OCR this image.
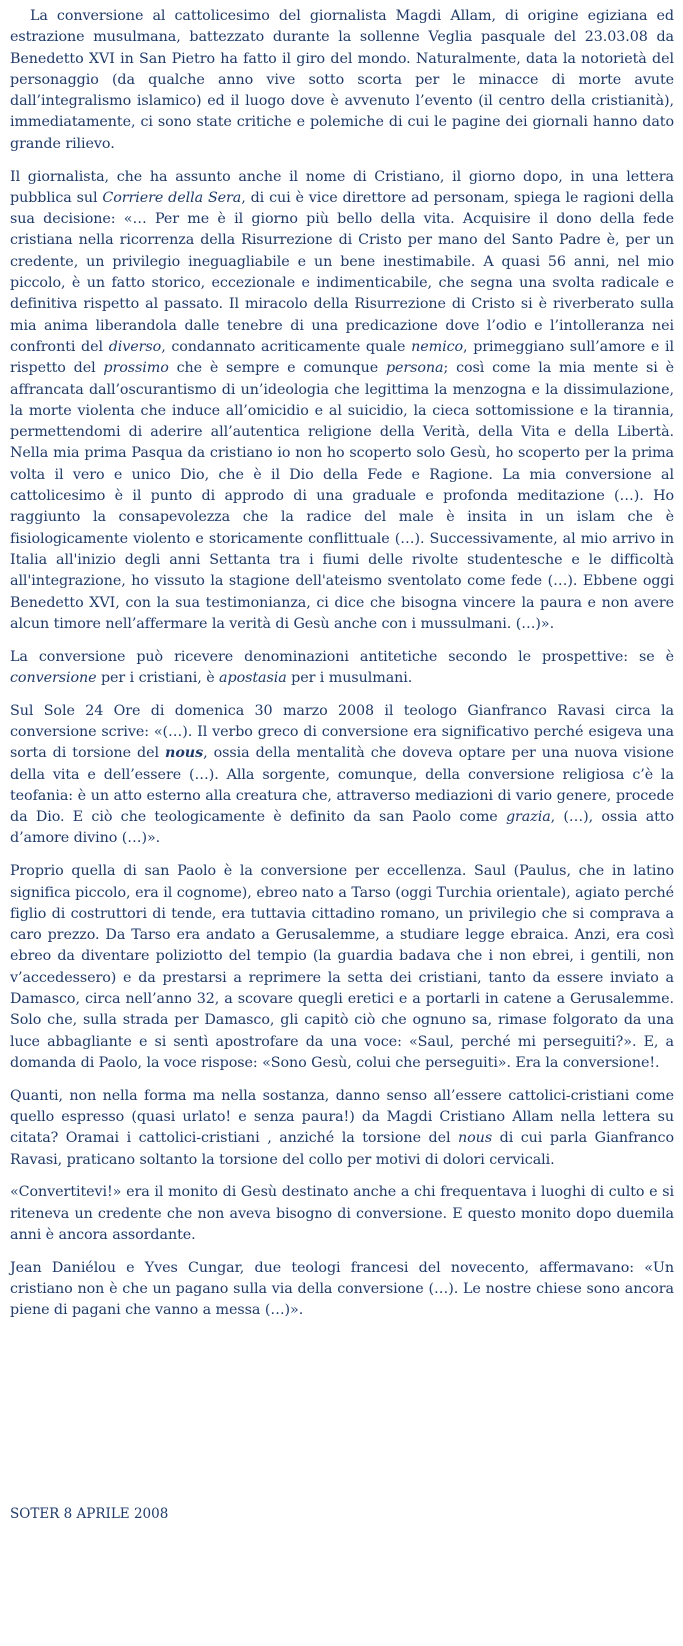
La conversione al cattolicesimo del giornalista Magdi Allam, di origine egiziana ed estrazione musulmana, battezzato durante la sollenne Veglia pasquale del 23.03.08 da Benedetto XVI in San Pietro ha fatto il giro del mondo. Naturalmente, data la notorietà del personaggio (da qualche anno vive sotto scorta per le minacce di morte avute dall’integralismo islamico) ed il luogo dove è avvenuto l’evento (il centro della cristianità), immediatamente, ci sono state critiche e polemiche di cui le pagine dei giornali hanno dato grande rilievo.

Il giornalista, che ha assunto anche il nome di Cristiano, il giorno dopo, in una lettera pubblica sul Corriere della Sera, di cui è vice direttore ad personam, spiega le ragioni della sua decisione: «… Per me è il giorno più bello della vita. Acquisire il dono della fede cristiana nella ricorrenza della Risurrezione di Cristo per mano del Santo Padre è, per un credente, un privilegio ineguagliabile e un bene inestimabile. A quasi 56 anni, nel mio piccolo, è un fatto storico, eccezionale e indimenticabile, che segna una svolta radicale e definitiva rispetto al passato. Il miracolo della Risurrezione di Cristo si è riverberato sulla mia anima liberandola dalle tenebre di una predicazione dove l’odio e l’intolleranza nei confronti del diverso, condannato acriticamente quale nemico, primeggiano sull’amore e il rispetto del prossimo che è sempre e comunque persona; così come la mia mente si è affrancata dall’oscurantismo di un’ideologia che legittima la menzogna e la dissimulazione, la morte violenta che induce all’omicidio e al suicidio, la cieca sottomissione e la tirannia, permettendomi di aderire all’autentica religione della Verità, della Vita e della Libertà. Nella mia prima Pasqua da cristiano io non ho scoperto solo Gesù, ho scoperto per la prima volta il vero e unico Dio, che è il Dio della Fede e Ragione. La mia conversione al cattolicesimo è il punto di approdo di una graduale e profonda meditazione (…). Ho raggiunto la consapevolezza che la radice del male è insita in un islam che è fisiologicamente violento e storicamente conflittuale (…). Successivamente, al mio arrivo in Italia all'inizio degli anni Settanta tra i fiumi delle rivolte studentesche e le difficoltà all'integrazione, ho vissuto la stagione dell'ateismo sventolato come fede (…). Ebbene oggi Benedetto XVI, con la sua testimonianza, ci dice che bisogna vincere la paura e non avere alcun timore nell’affermare la verità di Gesù anche con i mussulmani. (…)».

La conversione può ricevere denominazioni antitetiche secondo le prospettive: se è conversione per i cristiani, è apostasia per i musulmani.

Sul Sole 24 Ore di domenica 30 marzo 2008 il teologo Gianfranco Ravasi circa la conversione scrive: «(…). Il verbo greco di conversione era significativo perché esigeva una sorta di torsione del nous, ossia della mentalità che doveva optare per una nuova visione della vita e dell’essere (…). Alla sorgente, comunque, della conversione religiosa c’è la teofania: è un atto esterno alla creatura che, attraverso mediazioni di vario genere, procede da Dio. E ciò che teologicamente è definito da san Paolo come grazia, (…), ossia atto d’amore divino (…)».

Proprio quella di san Paolo è la conversione per eccellenza. Saul (Paulus, che in latino significa piccolo, era il cognome), ebreo nato a Tarso (oggi Turchia orientale), agiato perché figlio di costruttori di tende, era tuttavia cittadino romano, un privilegio che si comprava a caro prezzo. Da Tarso era andato a Gerusalemme, a studiare legge ebraica. Anzi, era così ebreo da diventare poliziotto del tempio (la guardia badava che i non ebrei, i gentili, non v’accedessero) e da prestarsi a reprimere la setta dei cristiani, tanto da essere inviato a Damasco, circa nell’anno 32, a scovare quegli eretici e a portarli in catene a Gerusalemme. Solo che, sulla strada per Damasco, gli capitò ciò che ognuno sa, rimase folgorato da una luce abbagliante e si sentì apostrofare da una voce: «Saul, perché mi perseguiti?». E, a domanda di Paolo, la voce rispose: «Sono Gesù, colui che perseguiti». Era la conversione!.

Quanti, non nella forma ma nella sostanza, danno senso all’essere cattolici-cristiani come quello espresso (quasi urlato! e senza paura!) da Magdi Cristiano Allam nella lettera su citata? Oramai i cattolici-cristiani , anziché la torsione del nous di cui parla Gianfranco Ravasi, praticano soltanto la torsione del collo per motivi di dolori cervicali.

«Convertitevi!» era il monito di Gesù destinato anche a chi frequentava i luoghi di culto e si riteneva un credente che non aveva bisogno di conversione. E questo monito dopo duemila anni è ancora assordante.

Jean Daniélou e Yves Cungar, due teologi francesi del novecento, affermavano: «Un cristiano non è che un pagano sulla via della conversione (…). Le nostre chiese sono ancora piene di pagani che vanno a messa (…)».

SOTER 8 APRILE 2008
